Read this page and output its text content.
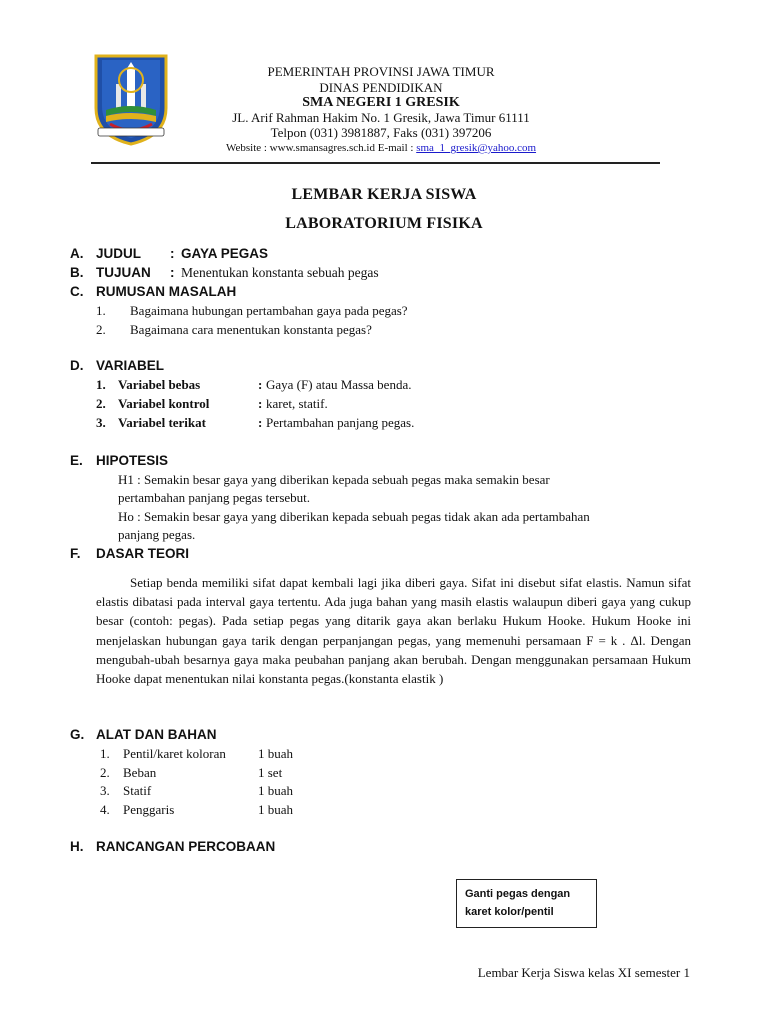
PEMERINTAH PROVINSI JAWA TIMUR
DINAS PENDIDIKAN
SMA NEGERI 1 GRESIK
JL. Arif Rahman Hakim No. 1 Gresik, Jawa Timur 61111
Telpon (031) 3981887, Faks (031) 397206
Website : www.smansagres.sch.id E-mail : sma_1_gresik@yahoo.com
LEMBAR KERJA SISWA
LABORATORIUM FISIKA
A. JUDUL : GAYA PEGAS
B. TUJUAN : Menentukan konstanta sebuah pegas
C. RUMUSAN MASALAH
1. Bagaimana hubungan pertambahan gaya pada pegas?
2. Bagaimana cara menentukan konstanta pegas?
D. VARIABEL
1. Variabel bebas	: Gaya (F) atau Massa benda.
2. Variabel kontrol	: karet, statif.
3. Variabel terikat	: Pertambahan panjang pegas.
E. HIPOTESIS
H1 : Semakin besar gaya yang diberikan kepada sebuah pegas maka semakin besar
pertambahan panjang pegas tersebut.
Ho : Semakin besar gaya yang diberikan kepada sebuah pegas tidak akan ada pertambahan
panjang pegas.
F. DASAR TEORI
Setiap benda memiliki sifat dapat kembali lagi jika diberi gaya. Sifat ini disebut sifat elastis. Namun sifat elastis dibatasi pada interval gaya tertentu. Ada juga bahan yang masih elastis walaupun diberi gaya yang cukup besar (contoh: pegas). Pada setiap pegas yang ditarik gaya akan berlaku Hukum Hooke. Hukum Hooke ini menjelaskan hubungan gaya tarik dengan perpanjangan pegas, yang memenuhi persamaan F = k . Δl. Dengan mengubah-ubah besarnya gaya maka peubahan panjang akan berubah. Dengan menggunakan persamaan Hukum Hooke dapat menentukan nilai konstanta pegas.(konstanta elastik )
G. ALAT DAN BAHAN
1. Pentil/karet koloran 1 buah
2. Beban	1 set
3. Statif	1 buah
4. Penggaris	1 buah
H. RANCANGAN PERCOBAAN
Ganti pegas dengan
karet kolor/pentil
Lembar Kerja Siswa kelas XI semester 1
